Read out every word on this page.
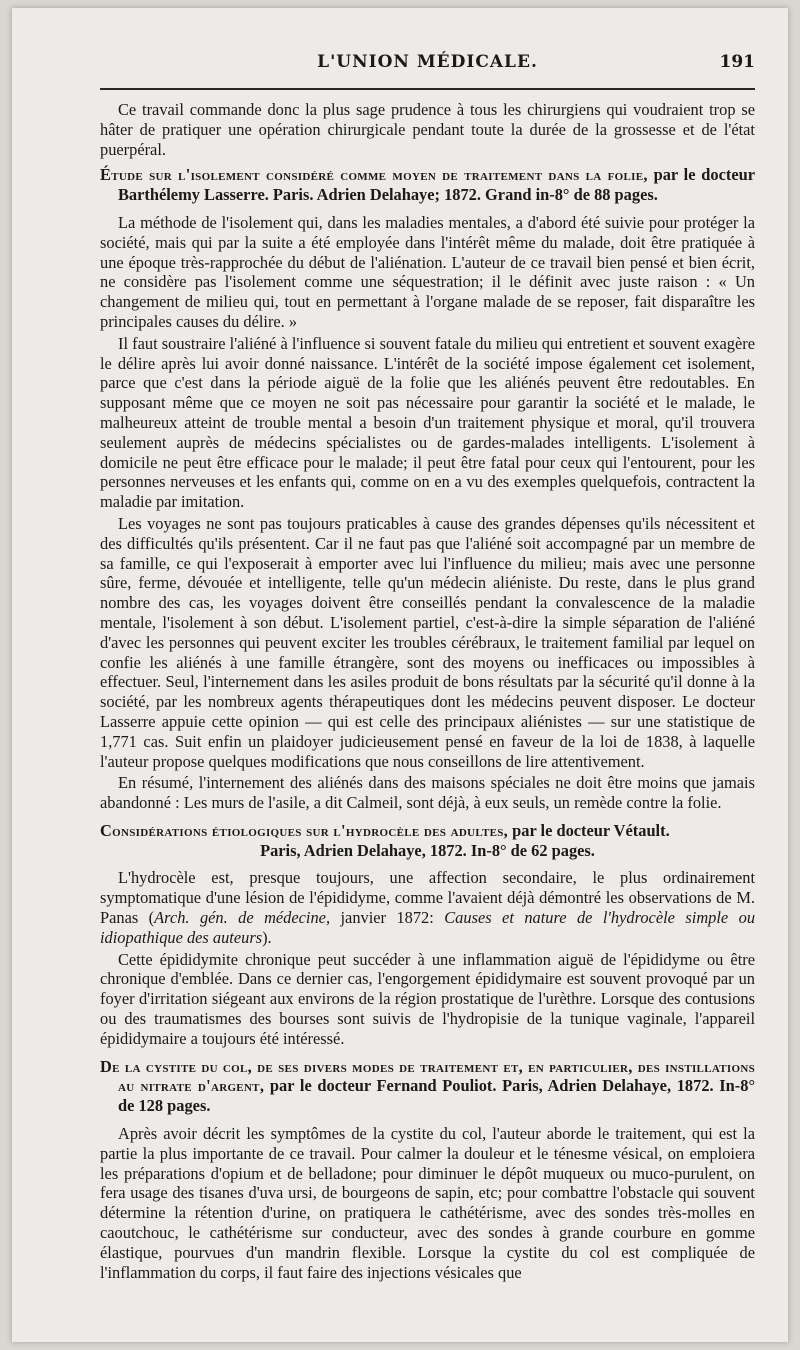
L'UNION MÉDICALE.	191

Ce travail commande donc la plus sage prudence à tous les chirurgiens qui voudraient trop se hâter de pratiquer une opération chirurgicale pendant toute la durée de la grossesse et de l'état puerpéral.

Étude sur l'isolement considéré comme moyen de traitement dans la folie, par le docteur Barthélemy Lasserre. Paris. Adrien Delahaye; 1872. Grand in-8° de 88 pages.

La méthode de l'isolement qui, dans les maladies mentales, a d'abord été suivie pour protéger la société, mais qui par la suite a été employée dans l'intérêt même du malade, doit être pratiquée à une époque très-rapprochée du début de l'aliénation. L'auteur de ce travail bien pensé et bien écrit, ne considère pas l'isolement comme une séquestration; il le définit avec juste raison : « Un changement de milieu qui, tout en permettant à l'organe malade de se reposer, fait disparaître les principales causes du délire. »

Il faut soustraire l'aliéné à l'influence si souvent fatale du milieu qui entretient et souvent exagère le délire après lui avoir donné naissance. L'intérêt de la société impose également cet isolement, parce que c'est dans la période aiguë de la folie que les aliénés peuvent être redoutables. En supposant même que ce moyen ne soit pas nécessaire pour garantir la société et le malade, le malheureux atteint de trouble mental a besoin d'un traitement physique et moral, qu'il trouvera seulement auprès de médecins spécialistes ou de gardes-malades intelligents. L'isolement à domicile ne peut être efficace pour le malade; il peut être fatal pour ceux qui l'entourent, pour les personnes nerveuses et les enfants qui, comme on en a vu des exemples quelquefois, contractent la maladie par imitation.

Les voyages ne sont pas toujours praticables à cause des grandes dépenses qu'ils nécessitent et des difficultés qu'ils présentent. Car il ne faut pas que l'aliéné soit accompagné par un membre de sa famille, ce qui l'exposerait à emporter avec lui l'influence du milieu; mais avec une personne sûre, ferme, dévouée et intelligente, telle qu'un médecin aliéniste. Du reste, dans le plus grand nombre des cas, les voyages doivent être conseillés pendant la convalescence de la maladie mentale, l'isolement à son début. L'isolement partiel, c'est-à-dire la simple séparation de l'aliéné d'avec les personnes qui peuvent exciter les troubles cérébraux, le traitement familial par lequel on confie les aliénés à une famille étrangère, sont des moyens ou inefficaces ou impossibles à effectuer. Seul, l'internement dans les asiles produit de bons résultats par la sécurité qu'il donne à la société, par les nombreux agents thérapeutiques dont les médecins peuvent disposer. Le docteur Lasserre appuie cette opinion — qui est celle des principaux aliénistes — sur une statistique de 1,771 cas. Suit enfin un plaidoyer judicieusement pensé en faveur de la loi de 1838, à laquelle l'auteur propose quelques modifications que nous conseillons de lire attentivement.

En résumé, l'internement des aliénés dans des maisons spéciales ne doit être moins que jamais abandonné : Les murs de l'asile, a dit Calmeil, sont déjà, à eux seuls, un remède contre la folie.

Considérations étiologiques sur l'hydrocèle des adultes, par le docteur Vétault.
Paris, Adrien Delahaye, 1872. In-8° de 62 pages.

L'hydrocèle est, presque toujours, une affection secondaire, le plus ordinairement symptomatique d'une lésion de l'épididyme, comme l'avaient déjà démontré les observations de M. Panas (Arch. gén. de médecine, janvier 1872: Causes et nature de l'hydrocèle simple ou idiopathique des auteurs).

Cette épididymite chronique peut succéder à une inflammation aiguë de l'épididyme ou être chronique d'emblée. Dans ce dernier cas, l'engorgement épididymaire est souvent provoqué par un foyer d'irritation siégeant aux environs de la région prostatique de l'urèthre. Lorsque des contusions ou des traumatismes des bourses sont suivis de l'hydropisie de la tunique vaginale, l'appareil épididymaire a toujours été intéressé.

De la cystite du col, de ses divers modes de traitement et, en particulier, des instillations au nitrate d'argent, par le docteur Fernand Pouliot. Paris, Adrien Delahaye, 1872. In-8° de 128 pages.

Après avoir décrit les symptômes de la cystite du col, l'auteur aborde le traitement, qui est la partie la plus importante de ce travail. Pour calmer la douleur et le ténesme vésical, on emploiera les préparations d'opium et de belladone; pour diminuer le dépôt muqueux ou muco-purulent, on fera usage des tisanes d'uva ursi, de bourgeons de sapin, etc; pour combattre l'obstacle qui souvent détermine la rétention d'urine, on pratiquera le cathétérisme, avec des sondes très-molles en caoutchouc, le cathétérisme sur conducteur, avec des sondes à grande courbure en gomme élastique, pourvues d'un mandrin flexible. Lorsque la cystite du col est compliquée de l'inflammation du corps, il faut faire des injections vésicales que
